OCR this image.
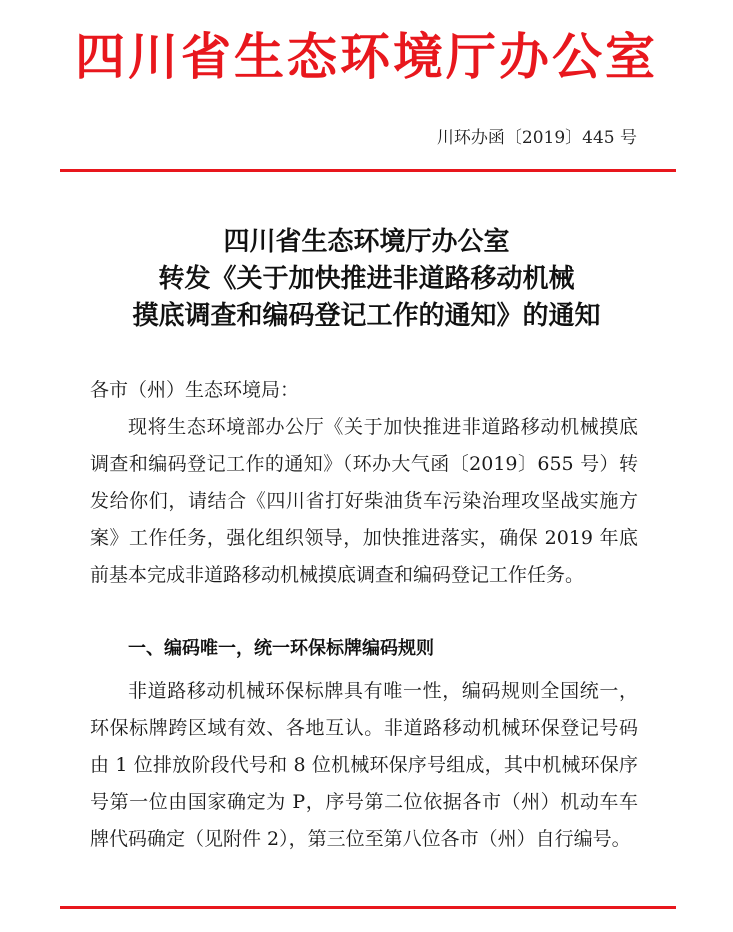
四川省生态环境厅办公室
川环办函〔2019〕445 号
四川省生态环境厅办公室
转发《关于加快推进非道路移动机械
摸底调查和编码登记工作的通知》的通知
各市（州）生态环境局：
现将生态环境部办公厅《关于加快推进非道路移动机械摸底调查和编码登记工作的通知》（环办大气函〔2019〕655 号）转发给你们，请结合《四川省打好柴油货车污染治理攻坚战实施方案》工作任务，强化组织领导，加快推进落实，确保 2019 年底前基本完成非道路移动机械摸底调查和编码登记工作任务。
一、编码唯一，统一环保标牌编码规则
非道路移动机械环保标牌具有唯一性，编码规则全国统一，环保标牌跨区域有效、各地互认。非道路移动机械环保登记号码由 1 位排放阶段代号和 8 位机械环保序号组成，其中机械环保序号第一位由国家确定为 P，序号第二位依据各市（州）机动车车牌代码确定（见附件 2），第三位至第八位各市（州）自行编号。
